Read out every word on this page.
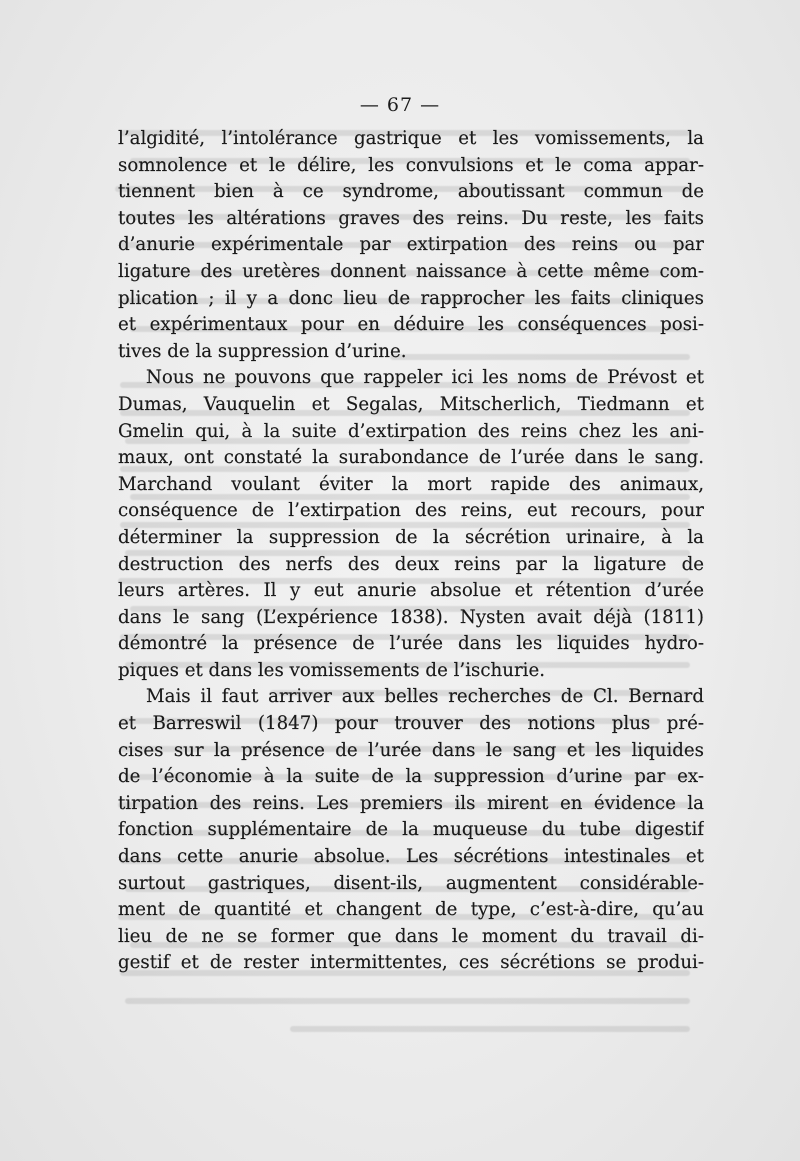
— 67 —
l’algidité, l’intolérance gastrique et les vomissements, la
somnolence et le délire, les convulsions et le coma appar-
tiennent bien à ce syndrome, aboutissant commun de
toutes les altérations graves des reins. Du reste, les faits
d’anurie expérimentale par extirpation des reins ou par
ligature des uretères donnent naissance à cette même com-
plication ; il y a donc lieu de rapprocher les faits cliniques
et expérimentaux pour en déduire les conséquences posi-
tives de la suppression d’urine.
Nous ne pouvons que rappeler ici les noms de Prévost et
Dumas, Vauquelin et Segalas, Mitscherlich, Tiedmann et
Gmelin qui, à la suite d’extirpation des reins chez les ani-
maux, ont constaté la surabondance de l’urée dans le sang.
Marchand voulant éviter la mort rapide des animaux,
conséquence de l’extirpation des reins, eut recours, pour
déterminer la suppression de la sécrétion urinaire, à la
destruction des nerfs des deux reins par la ligature de
leurs artères. Il y eut anurie absolue et rétention d’urée
dans le sang (L’expérience 1838). Nysten avait déjà (1811)
démontré la présence de l’urée dans les liquides hydro-
piques et dans les vomissements de l’ischurie.
Mais il faut arriver aux belles recherches de Cl. Bernard
et Barreswil (1847) pour trouver des notions plus pré-
cises sur la présence de l’urée dans le sang et les liquides
de l’économie à la suite de la suppression d’urine par ex-
tirpation des reins. Les premiers ils mirent en évidence la
fonction supplémentaire de la muqueuse du tube digestif
dans cette anurie absolue. Les sécrétions intestinales et
surtout gastriques, disent-ils, augmentent considérable-
ment de quantité et changent de type, c’est-à-dire, qu’au
lieu de ne se former que dans le moment du travail di-
gestif et de rester intermittentes, ces sécrétions se produi-
